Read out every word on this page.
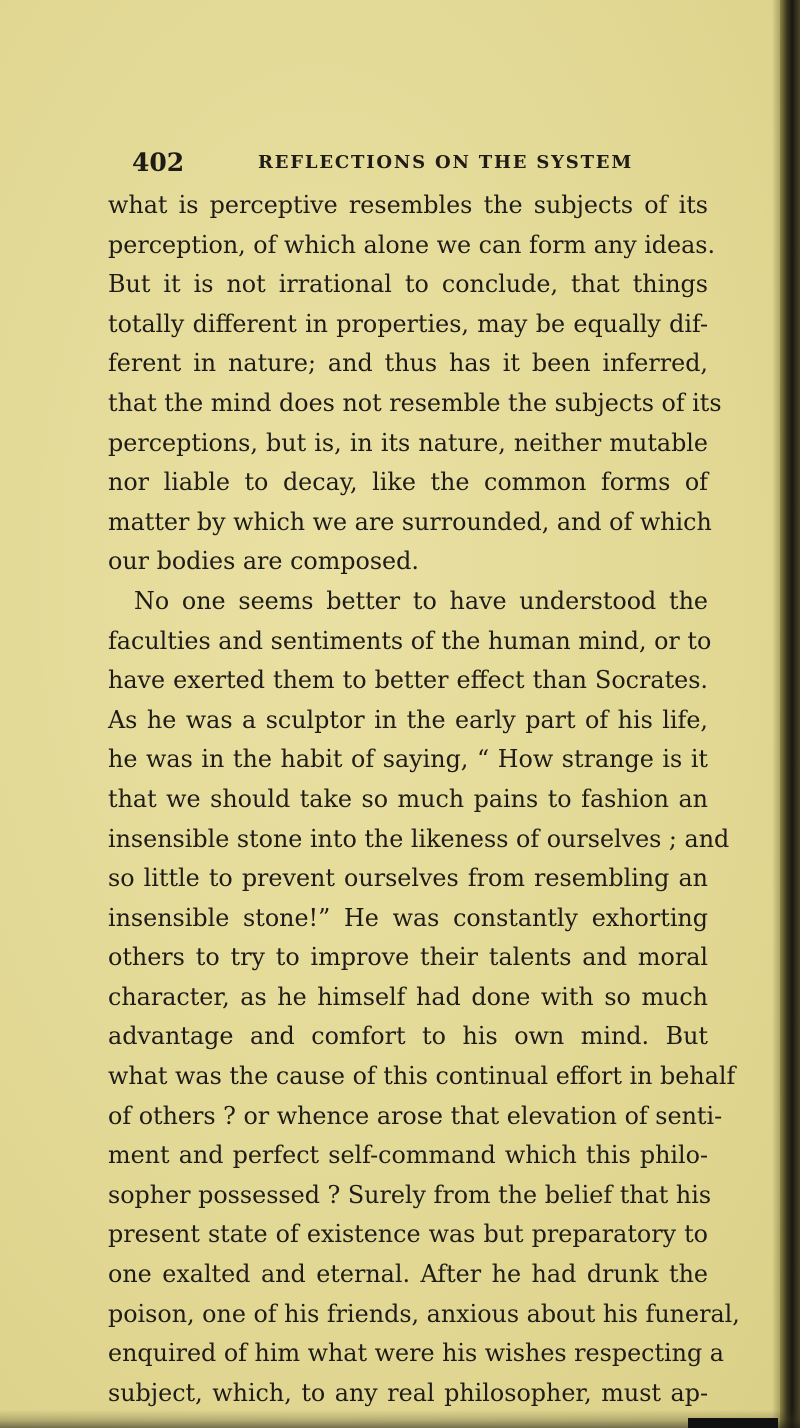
402	REFLECTIONS ON THE SYSTEM
what is perceptive resembles the subjects of its
perception, of which alone we can form any ideas.
But it is not irrational to conclude, that things
totally different in properties, may be equally dif-
ferent in nature; and thus has it been inferred,
that the mind does not resemble the subjects of its
perceptions, but is, in its nature, neither mutable
nor liable to decay, like the common forms of
matter by which we are surrounded, and of which
our bodies are composed.
No one seems better to have understood the
faculties and sentiments of the human mind, or to
have exerted them to better effect than Socrates.
As he was a sculptor in the early part of his life,
he was in the habit of saying, “ How strange is it
that we should take so much pains to fashion an
insensible stone into the likeness of ourselves ; and
so little to prevent ourselves from resembling an
insensible stone!” He was constantly exhorting
others to try to improve their talents and moral
character, as he himself had done with so much
advantage and comfort to his own mind. But
what was the cause of this continual effort in behalf
of others ? or whence arose that elevation of senti-
ment and perfect self-command which this philo-
sopher possessed ? Surely from the belief that his
present state of existence was but preparatory to
one exalted and eternal. After he had drunk the
poison, one of his friends, anxious about his funeral,
enquired of him what were his wishes respecting a
subject, which, to any real philosopher, must ap-
